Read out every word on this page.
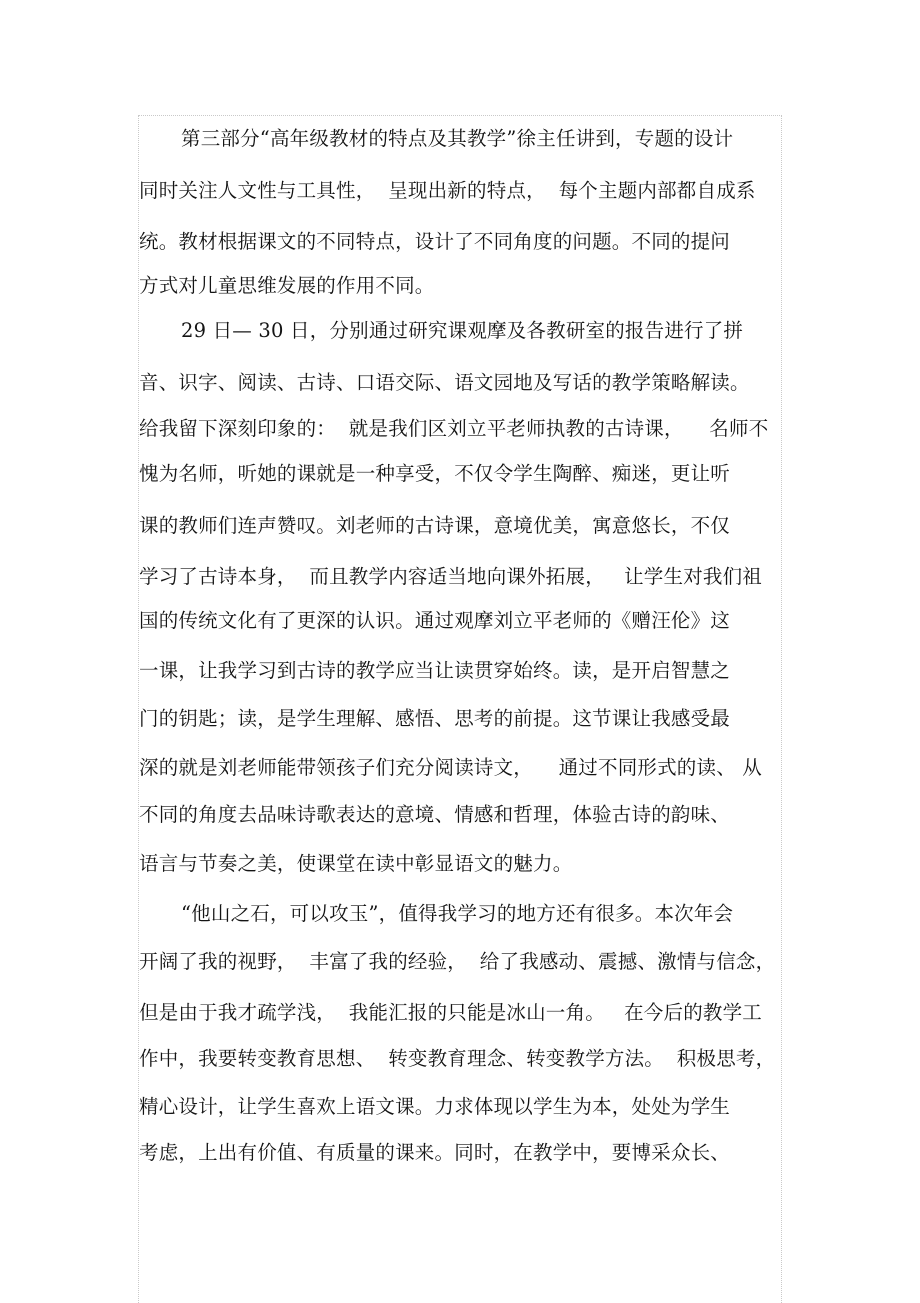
第三部分“高年级教材的特点及其教学”徐主任讲到，专题的设计
同时关注人文性与工具性，  呈现出新的特点，  每个主题内部都自成系
统。教材根据课文的不同特点，设计了不同角度的问题。不同的提问
方式对儿童思维发展的作用不同。
29 日— 30 日，分别通过研究课观摩及各教研室的报告进行了拼
音、识字、阅读、古诗、口语交际、语文园地及写话的教学策略解读。
给我留下深刻印象的：  就是我们区刘立平老师执教的古诗课，    名师不
愧为名师，听她的课就是一种享受，不仅令学生陶醉、痴迷，更让听
课的教师们连声赞叹。刘老师的古诗课，意境优美，寓意悠长，不仅
学习了古诗本身，  而且教学内容适当地向课外拓展，   让学生对我们祖
国的传统文化有了更深的认识。通过观摩刘立平老师的《赠汪伦》这
一课，让我学习到古诗的教学应当让读贯穿始终。读，是开启智慧之
门的钥匙；读，是学生理解、感悟、思考的前提。这节课让我感受最
深的就是刘老师能带领孩子们充分阅读诗文，    通过不同形式的读、 从
不同的角度去品味诗歌表达的意境、情感和哲理，体验古诗的韵味、
语言与节奏之美，使课堂在读中彰显语文的魅力。
“他山之石，可以攻玉”，值得我学习的地方还有很多。本次年会
开阔了我的视野，  丰富了我的经验，  给了我感动、震撼、激情与信念，
但是由于我才疏学浅，  我能汇报的只能是冰山一角。   在今后的教学工
作中，我要转变教育思想、  转变教育理念、转变教学方法。  积极思考，
精心设计，让学生喜欢上语文课。力求体现以学生为本，处处为学生
考虑，上出有价值、有质量的课来。同时，在教学中，要博采众长、
